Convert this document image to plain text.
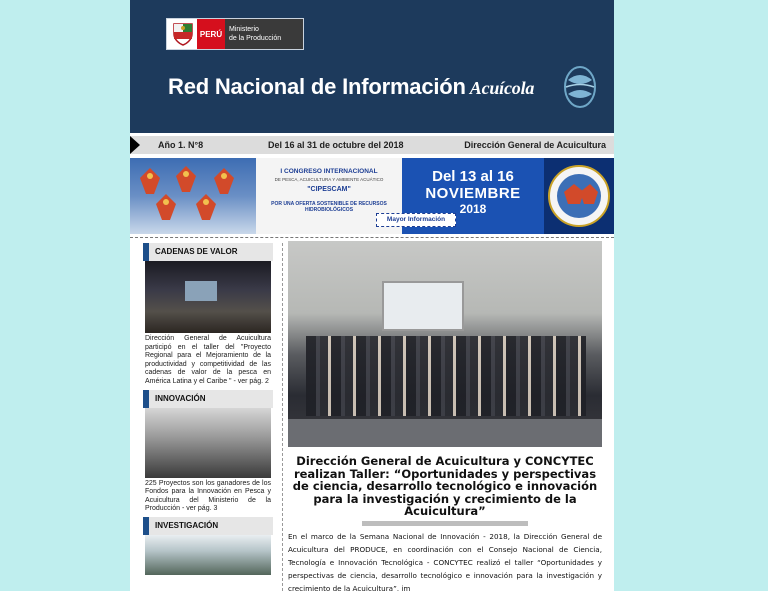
PERÚ Ministerio
de la Producción
Red Nacional de Información Acuícola
Año 1. N°8	Del 16 al 31 de octubre del 2018	Dirección General de Acuicultura
I CONGRESO INTERNACIONAL
DE PESCA, ACUICULTURA Y AMBIENTE ACUÁTICO
"CIPESCAM"
POR UNA OFERTA SOSTENIBLE DE RECURSOS HIDROBIOLÓGICOS
Del 13 al 16
NOVIEMBRE
2018
Mayor Información
CADENAS DE VALOR
Dirección General de Acuicultura participó en el taller del "Proyecto Regional para el Mejoramiento de la productividad y competitividad de las cadenas de valor de la pesca en América Latina y el Caribe " - ver pág. 2
INNOVACIÓN
225 Proyectos son los ganadores de los Fondos para la Innovación en Pesca y Acuicultura del Ministerio de la Producción - ver pág. 3
INVESTIGACIÓN
Dirección General de Acuicultura y CONCYTEC realizan Taller: “Oportunidades y perspectivas de ciencia, desarrollo tecnológico e innovación para la investigación y crecimiento de la Acuicultura”
En el marco de la Semana Nacional de Innovación - 2018, la Dirección General de Acuicultura del PRODUCE, en coordinación con el Consejo Nacional de Ciencia, Tecnología e Innovación Tecnológica - CONCYTEC realizó el taller “Oportunidades y perspectivas de ciencia, desarrollo tecnológico e innovación para la investigación y crecimiento de la Acuicultura”, im
